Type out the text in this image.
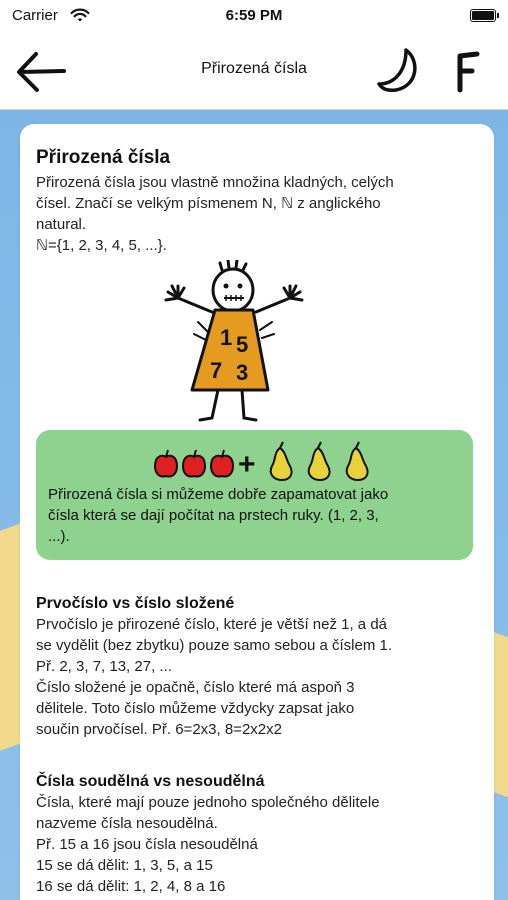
Carrier	6:59 PM
Přirozená čísla
Přirozená čísla
Přirozená čísla jsou vlastně množina kladných, celých
čísel. Značí se velkým písmenem N, ℕ z anglického
natural.
ℕ={1, 2, 3, 4, 5, ...}.
1 5
7 3
+
Přirozená čísla si můžeme dobře zapamatovat jako
čísla která se dají počítat na prstech ruky. (1, 2, 3,
...).
Prvočíslo vs číslo složené
Prvočíslo je přirozené číslo, které je větší než 1, a dá
se vydělit (bez zbytku) pouze samo sebou a číslem 1.
Př. 2, 3, 7, 13, 27, ...
Číslo složené je opačně, číslo které má aspoň 3
dělitele. Toto číslo můžeme vždycky zapsat jako
součin prvočísel. Př. 6=2x3, 8=2x2x2
Čísla soudělná vs nesoudělná
Čísla, které mají pouze jednoho společného dělitele
nazveme čísla nesoudělná.
Př. 15 a 16 jsou čísla nesoudělná
15 se dá dělit: 1, 3, 5, a 15
16 se dá dělit: 1, 2, 4, 8 a 16
